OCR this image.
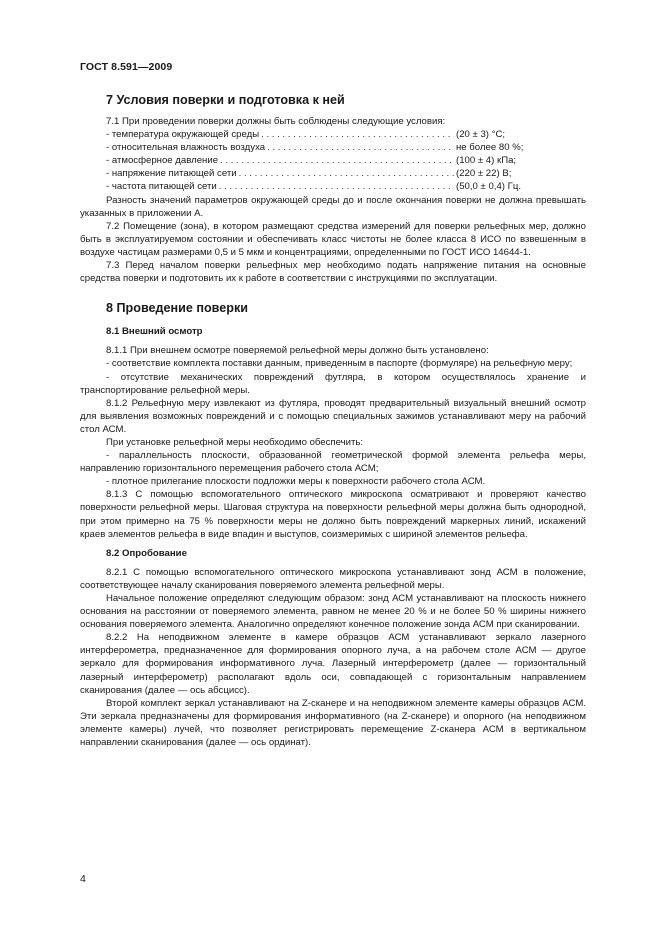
ГОСТ 8.591—2009
7 Условия поверки и подготовка к ней

7.1 При проведении поверки должны быть соблюдены следующие условия:

- температура окружающей среды . . .	(20 ± 3) °С;
- относительная влажность воздуха . . .	не более 80 %;
- атмосферное давление . . .	(100 ± 4) кПа;
- напряжение питающей сети . . .	(220 ± 22) В;
- частота питающей сети . . .	(50,0 ± 0,4) Гц.

Разность значений параметров окружающей среды до и после окончания поверки не должна превышать указанных в приложении А.

7.2 Помещение (зона), в котором размещают средства измерений для поверки рельефных мер, должно быть в эксплуатируемом состоянии и обеспечивать класс чистоты не более класса 8 ИСО по взвешенным в воздухе частицам размерами 0,5 и 5 мкм и концентрациями, определенными по ГОСТ ИСО 14644-1.

7.3 Перед началом поверки рельефных мер необходимо подать напряжение питания на основные средства поверки и подготовить их к работе в соответствии с инструкциями по эксплуатации.

8 Проведение поверки
8.1 Внешний осмотр

8.1.1 При внешнем осмотре поверяемой рельефной меры должно быть установлено:

- соответствие комплекта поставки данным, приведенным в паспорте (формуляре) на рельефную меру;

- отсутствие механических повреждений футляра, в котором осуществлялось хранение и транспортирование рельефной меры.

8.1.2 Рельефную меру извлекают из футляра, проводят предварительный визуальный внешний осмотр для выявления возможных повреждений и с помощью специальных зажимов устанавливают меру на рабочий стол АСМ.

При установке рельефной меры необходимо обеспечить:

- параллельность плоскости, образованной геометрической формой элемента рельефа меры, направлению горизонтального перемещения рабочего стола АСМ;

- плотное прилегание плоскости подложки меры к поверхности рабочего стола АСМ.

8.1.3 С помощью вспомогательного оптического микроскопа осматривают и проверяют качество поверхности рельефной меры. Шаговая структура на поверхности рельефной меры должна быть однородной, при этом примерно на 75 % поверхности меры не должно быть повреждений маркерных линий, искажений краев элементов рельефа в виде впадин и выступов, соизмеримых с шириной элементов рельефа.

8.2 Опробование

8.2.1 С помощью вспомогательного оптического микроскопа устанавливают зонд АСМ в положение, соответствующее началу сканирования поверяемого элемента рельефной меры.

Начальное положение определяют следующим образом: зонд АСМ устанавливают на плоскость нижнего основания на расстоянии от поверяемого элемента, равном не менее 20 % и не более 50 % ширины нижнего основания поверяемого элемента. Аналогично определяют конечное положение зонда АСМ при сканировании.

8.2.2 На неподвижном элементе в камере образцов АСМ устанавливают зеркало лазерного интерферометра, предназначенное для формирования опорного луча, а на рабочем столе АСМ — другое зеркало для формирования информативного луча. Лазерный интерферометр (далее — горизонтальный лазерный интерферометр) располагают вдоль оси, совпадающей с горизонтальным направлением сканирования (далее — ось абсцисс).

Второй комплект зеркал устанавливают на Z-сканере и на неподвижном элементе камеры образцов АСМ. Эти зеркала предназначены для формирования информативного (на Z-сканере) и опорного (на неподвижном элементе камеры) лучей, что позволяет регистрировать перемещение Z-сканера АСМ в вертикальном направлении сканирования (далее — ось ординат).

4
